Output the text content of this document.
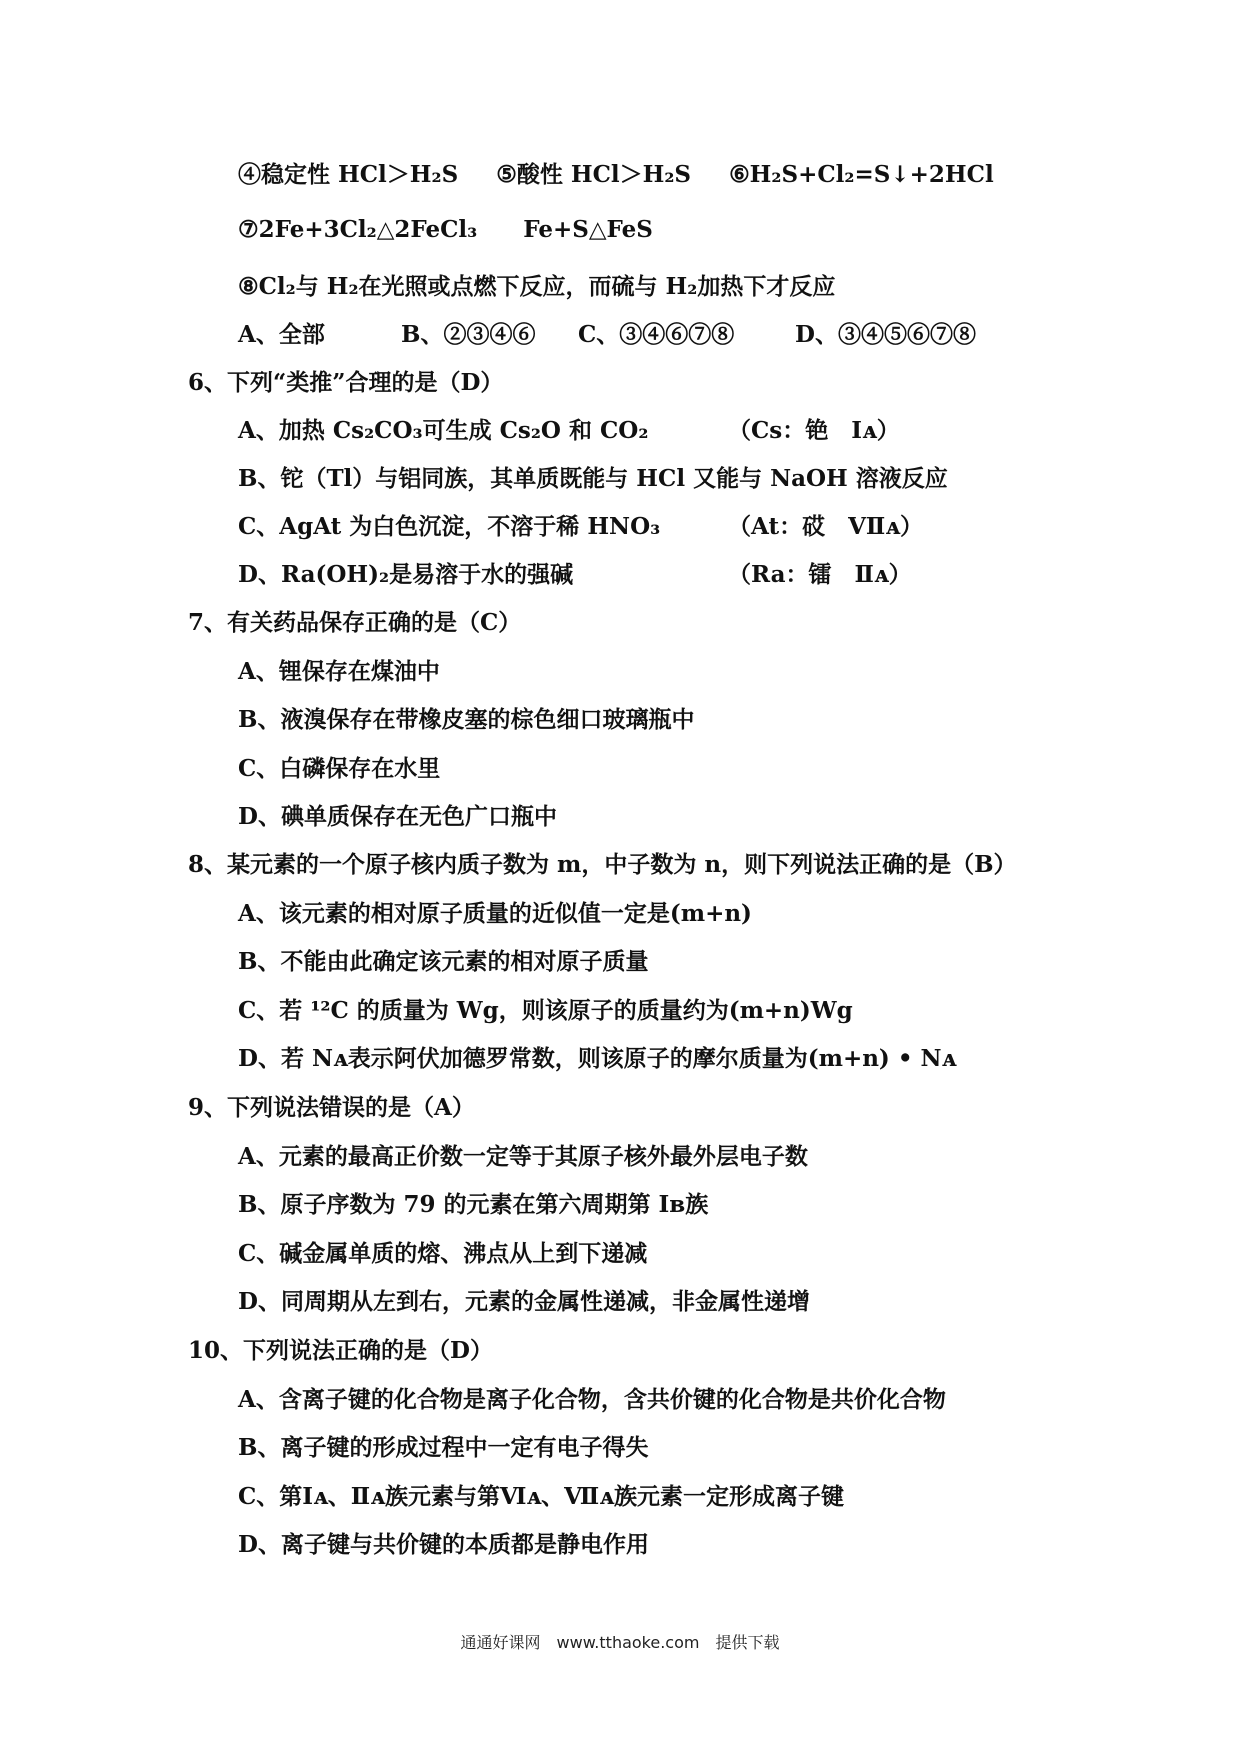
④稳定性 HCl＞H₂S ⑤酸性 HCl＞H₂S ⑥H₂S+Cl₂=S↓+2HCl
⑦2Fe+3Cl₂△2FeCl₃ Fe+S△FeS
⑧Cl₂与 H₂在光照或点燃下反应，而硫与 H₂加热下才反应
A、全部	B、②③④⑥ C、③④⑥⑦⑧	D、③④⑤⑥⑦⑧
6、下列“类推”合理的是（D）
A、加热 Cs₂CO₃可生成 Cs₂O 和 CO₂	（Cs：铯　Iᴀ）
B、铊（Tl）与铝同族，其单质既能与 HCl 又能与 NaOH 溶液反应
C、AgAt 为白色沉淀，不溶于稀 HNO₃	（At：砹　VⅡᴀ）
D、Ra(OH)₂是易溶于水的强碱	（Ra：镭　Ⅱᴀ）
7、有关药品保存正确的是（C）
A、锂保存在煤油中
B、液溴保存在带橡皮塞的棕色细口玻璃瓶中
C、白磷保存在水里
D、碘单质保存在无色广口瓶中
8、某元素的一个原子核内质子数为 m，中子数为 n，则下列说法正确的是（B）
A、该元素的相对原子质量的近似值一定是(m+n)
B、不能由此确定该元素的相对原子质量
C、若 ¹²C 的质量为 Wg，则该原子的质量约为(m+n)Wg
D、若 Nᴀ表示阿伏加德罗常数，则该原子的摩尔质量为(m+n) • Nᴀ
9、下列说法错误的是（A）
A、元素的最高正价数一定等于其原子核外最外层电子数
B、原子序数为 79 的元素在第六周期第 Iʙ族
C、碱金属单质的熔、沸点从上到下递减
D、同周期从左到右，元素的金属性递减，非金属性递增
10、下列说法正确的是（D）
A、含离子键的化合物是离子化合物，含共价键的化合物是共价化合物
B、离子键的形成过程中一定有电子得失
C、第Ⅰᴀ、Ⅱᴀ族元素与第Ⅵᴀ、Ⅶᴀ族元素一定形成离子键
D、离子键与共价键的本质都是静电作用
通通好课网　www.tthaoke.com　提供下载
